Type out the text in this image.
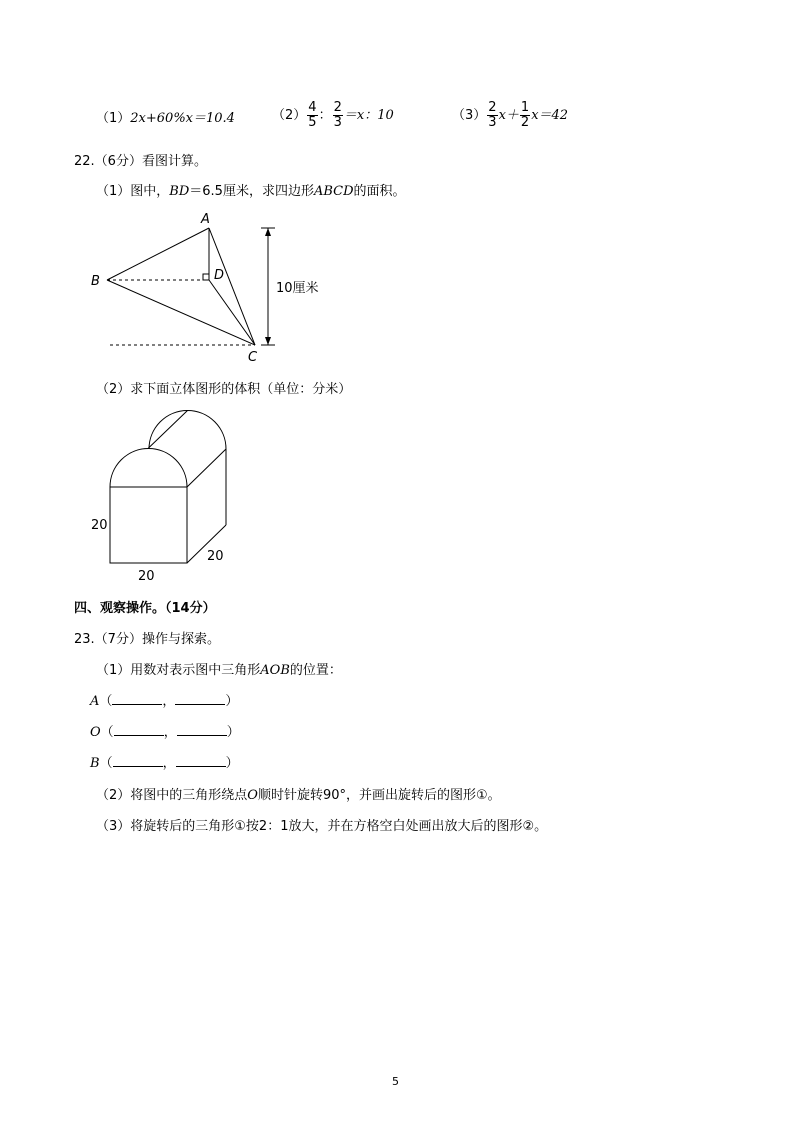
（1）2x+60%x＝10.4	$(2) \frac{4}{5}$ ： $\frac{2}{3} =x$：10	$(3) \frac{2}{3} x+ \frac{1}{2} x=42$
22.（6分）看图计算。
（1）图中，BD＝6.5厘米，求四边形ABCD的面积。
A
B	D
C
10厘米
（2）求下面立体图形的体积（单位：分米）
20
20
20
四、观察操作。（14分）
23.（7分）操作与探索。
（1）用数对表示图中三角形AOB的位置：
A（	，	）
O（	，	）
B（	，	）
（2）将图中的三角形绕点O顺时针旋转90°，并画出旋转后的图形①。
（3）将旋转后的三角形①按2：1放大，并在方格空白处画出放大后的图形②。
5
